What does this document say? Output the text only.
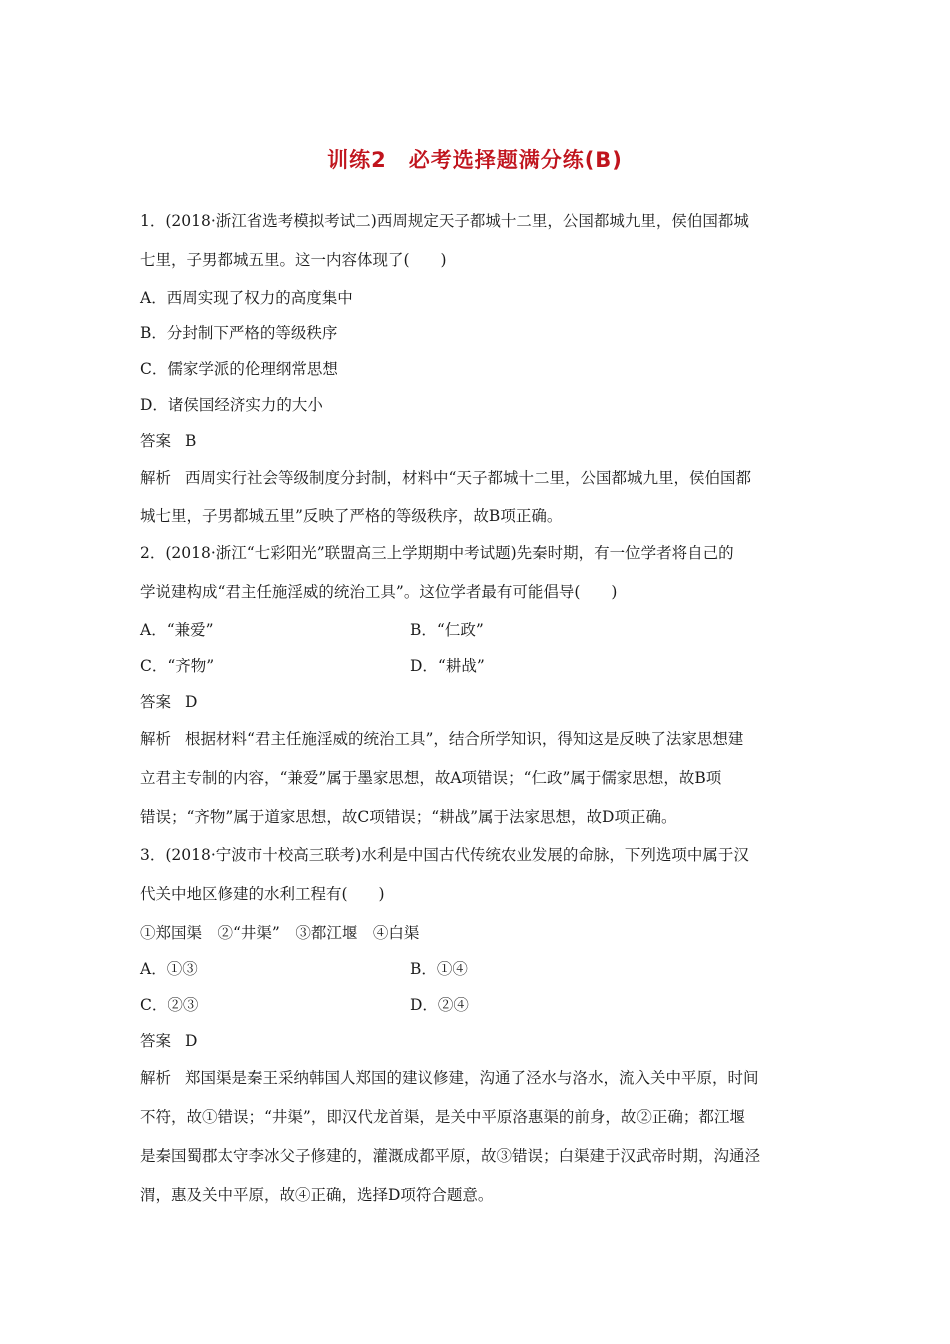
训练2　必考选择题满分练(B)
1．(2018·浙江省选考模拟考试二)西周规定天子都城十二里，公国都城九里，侯伯国都城
七里，子男都城五里。这一内容体现了(　　)
A．西周实现了权力的高度集中
B．分封制下严格的等级秩序
C．儒家学派的伦理纲常思想
D．诸侯国经济实力的大小
答案 B
解析 西周实行社会等级制度分封制，材料中“天子都城十二里，公国都城九里，侯伯国都
城七里，子男都城五里”反映了严格的等级秩序，故B项正确。
2．(2018·浙江“七彩阳光”联盟高三上学期期中考试题)先秦时期，有一位学者将自己的
学说建构成“君主任施淫威的统治工具”。这位学者最有可能倡导(　　)
A．“兼爱”	B．“仁政”
C．“齐物”	D．“耕战”
答案 D
解析 根据材料“君主任施淫威的统治工具”，结合所学知识，得知这是反映了法家思想建
立君主专制的内容，“兼爱”属于墨家思想，故A项错误；“仁政”属于儒家思想，故B项
错误；“齐物”属于道家思想，故C项错误；“耕战”属于法家思想，故D项正确。
3．(2018·宁波市十校高三联考)水利是中国古代传统农业发展的命脉，下列选项中属于汉
代关中地区修建的水利工程有(　　)
①郑国渠　②“井渠”　③都江堰　④白渠
A．①③	B．①④
C．②③	D．②④
答案 D
解析 郑国渠是秦王采纳韩国人郑国的建议修建，沟通了泾水与洛水，流入关中平原，时间
不符，故①错误；“井渠”，即汉代龙首渠，是关中平原洛惠渠的前身，故②正确；都江堰
是秦国蜀郡太守李冰父子修建的，灌溉成都平原，故③错误；白渠建于汉武帝时期，沟通泾
渭，惠及关中平原，故④正确，选择D项符合题意。
